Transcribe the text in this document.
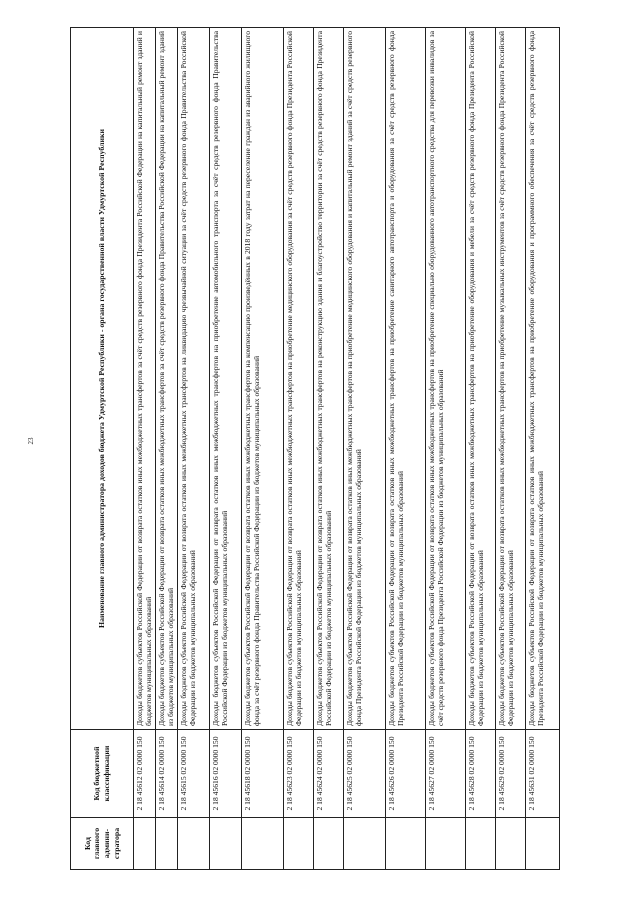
23
Код главного админи-стратора	Код бюджетной классификации	Наименование главного администратора доходов бюджета Удмуртской Республики - органа государственной власти Удмуртской Республики
	2 18 45612 02 0000 150	Доходы бюджетов субъектов Российской Федерации от возврата остатков иных межбюджетных трансфертов за счёт средств резервного фонда Президента Российской Федерации на капитальный ремонт зданий и бюджетов муниципальных образований
	2 18 45614 02 0000 150	Доходы бюджетов субъектов Российской Федерации от возврата остатков иных межбюджетных трансфертов за счёт средств резервного фонда Правительства Российской Федерации на капитальный ремонт зданий из бюджетов муниципальных образований
	2 18 45615 02 0000 150	Доходы бюджетов субъектов Российской Федерации от возврата остатков иных межбюджетных трансфертов на ликвидацию чрезвычайной ситуации за счёт средств резервного фонда Правительства Российской Федерации из бюджетов муниципальных образований
	2 18 45616 02 0000 150	Доходы бюджетов субъектов Российской Федерации от возврата остатков иных межбюджетных трансфертов на приобретение автомобильного транспорта за счёт средств резервного фонда Правительства Российской Федерации из бюджетов муниципальных образований
	2 18 45618 02 0000 150	Доходы бюджетов субъектов Российской Федерации от возврата остатков иных межбюджетных трансфертов на компенсацию произведённых в 2018 году затрат на переселение граждан из аварийного жилищного фонда за счёт резервного фонда Правительства Российской Федерации из бюджетов муниципальных образований
	2 18 45623 02 0000 150	Доходы бюджетов субъектов Российской Федерации от возврата остатков иных межбюджетных трансфертов на приобретение медицинского оборудования за счёт средств резервного фонда Президента Российской Федерации из бюджетов муниципальных образований
	2 18 45624 02 0000 150	Доходы бюджетов субъектов Российской Федерации от возврата остатков иных межбюджетных трансфертов на реконструкцию здания и благоустройство территории за счёт средств резервного фонда Президента Российской Федерации из бюджетов муниципальных образований
	2 18 45625 02 0000 150	Доходы бюджетов субъектов Российской Федерации от возврата остатков иных межбюджетных трансфертов на приобретение медицинского оборудования и капитальный ремонт зданий за счёт средств резервного фонда Президента Российской Федерации из бюджетов муниципальных образований
	2 18 45626 02 0000 150	Доходы бюджетов субъектов Российской Федерации от возврата остатков иных межбюджетных трансфертов на приобретение санитарного автотранспорта и оборудования за счёт средств резервного фонда Президента Российской Федерации из бюджетов муниципальных образований
	2 18 45627 02 0000 150	Доходы бюджетов субъектов Российской Федерации от возврата остатков иных межбюджетных трансфертов на приобретение специально оборудованного автотранспортного средства для перевозки инвалидов за счёт средств резервного фонда Президента Российской Федерации из бюджетов муниципальных образований
	2 18 45628 02 0000 150	Доходы бюджетов субъектов Российской Федерации от возврата остатков иных межбюджетных трансфертов на приобретение оборудования и мебели за счёт средств резервного фонда Президента Российской Федерации из бюджетов муниципальных образований
	2 18 45629 02 0000 150	Доходы бюджетов субъектов Российской Федерации от возврата остатков иных межбюджетных трансфертов на приобретение музыкальных инструментов за счёт средств резервного фонда Президента Российской Федерации из бюджетов муниципальных образований
	2 18 45631 02 0000 150	Доходы бюджетов субъектов Российской Федерации от возврата остатков иных межбюджетных трансфертов на приобретение оборудования и программного обеспечения за счёт средств резервного фонда Президента Российской Федерации из бюджетов муниципальных образований
